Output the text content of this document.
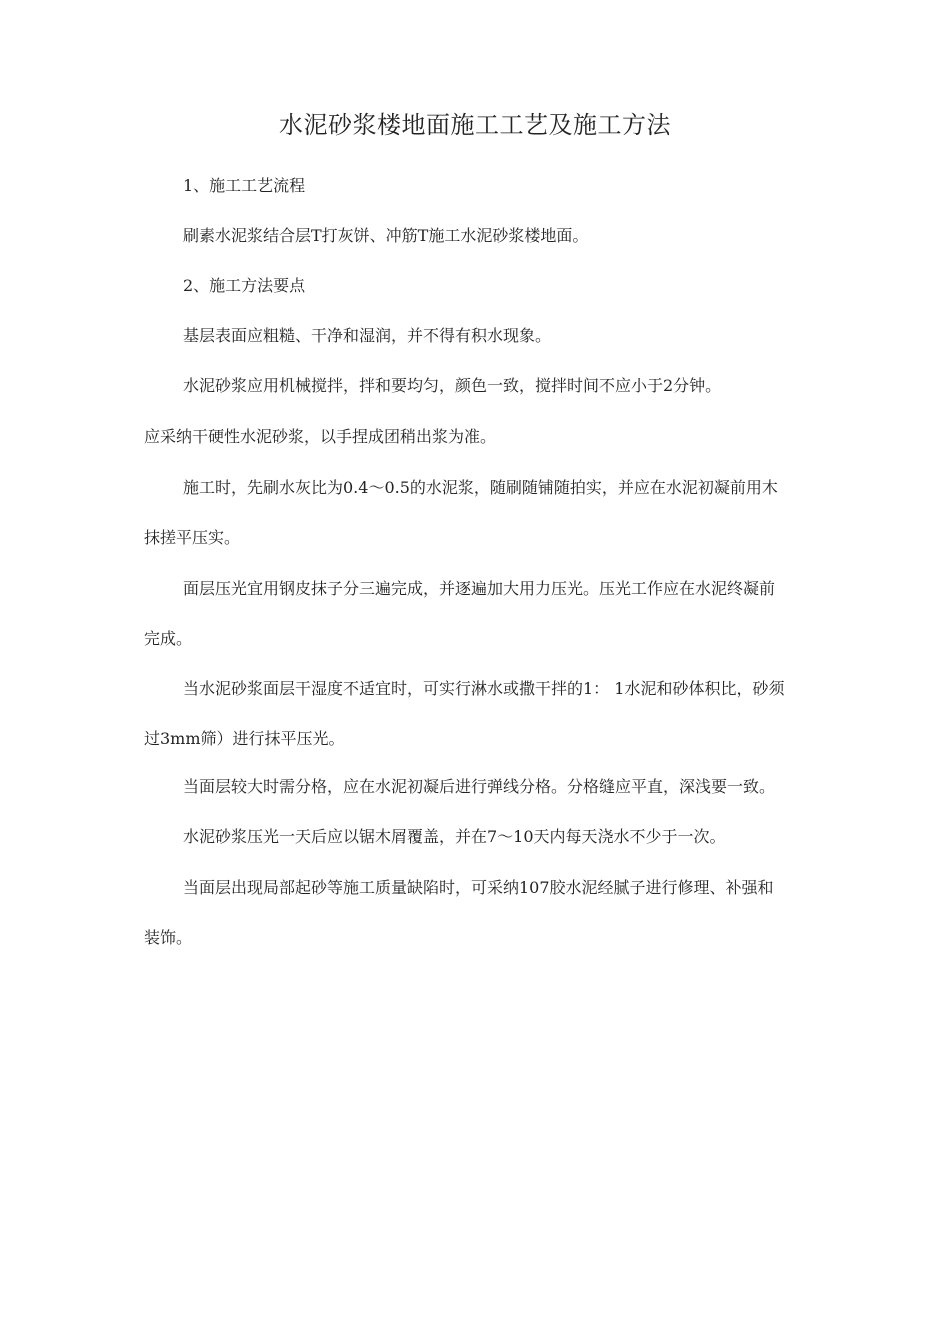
水泥砂浆楼地面施工工艺及施工方法

1、施工工艺流程

刷素水泥浆结合层T打灰饼、冲筋T施工水泥砂浆楼地面。

2、施工方法要点

基层表面应粗糙、干净和湿润，并不得有积水现象。

水泥砂浆应用机械搅拌，拌和要均匀，颜色一致，搅拌时间不应小于2分钟。

应采纳干硬性水泥砂浆，以手捏成团稍出浆为准。

施工时，先刷水灰比为0.4〜0.5的水泥浆，随刷随铺随拍实，并应在水泥初凝前用木

抹搓平压实。

面层压光宜用钢皮抹子分三遍完成，并逐遍加大用力压光。压光工作应在水泥终凝前

完成。

当水泥砂浆面层干湿度不适宜时，可实行淋水或撒干拌的1： 1水泥和砂体积比，砂须

过3mm筛）进行抹平压光。

当面层较大时需分格，应在水泥初凝后进行弹线分格。分格缝应平直，深浅要一致。

水泥砂浆压光一天后应以锯木屑覆盖，并在7〜10天内每天浇水不少于一次。

当面层出现局部起砂等施工质量缺陷时，可采纳107胶水泥经腻子进行修理、补强和

装饰。
